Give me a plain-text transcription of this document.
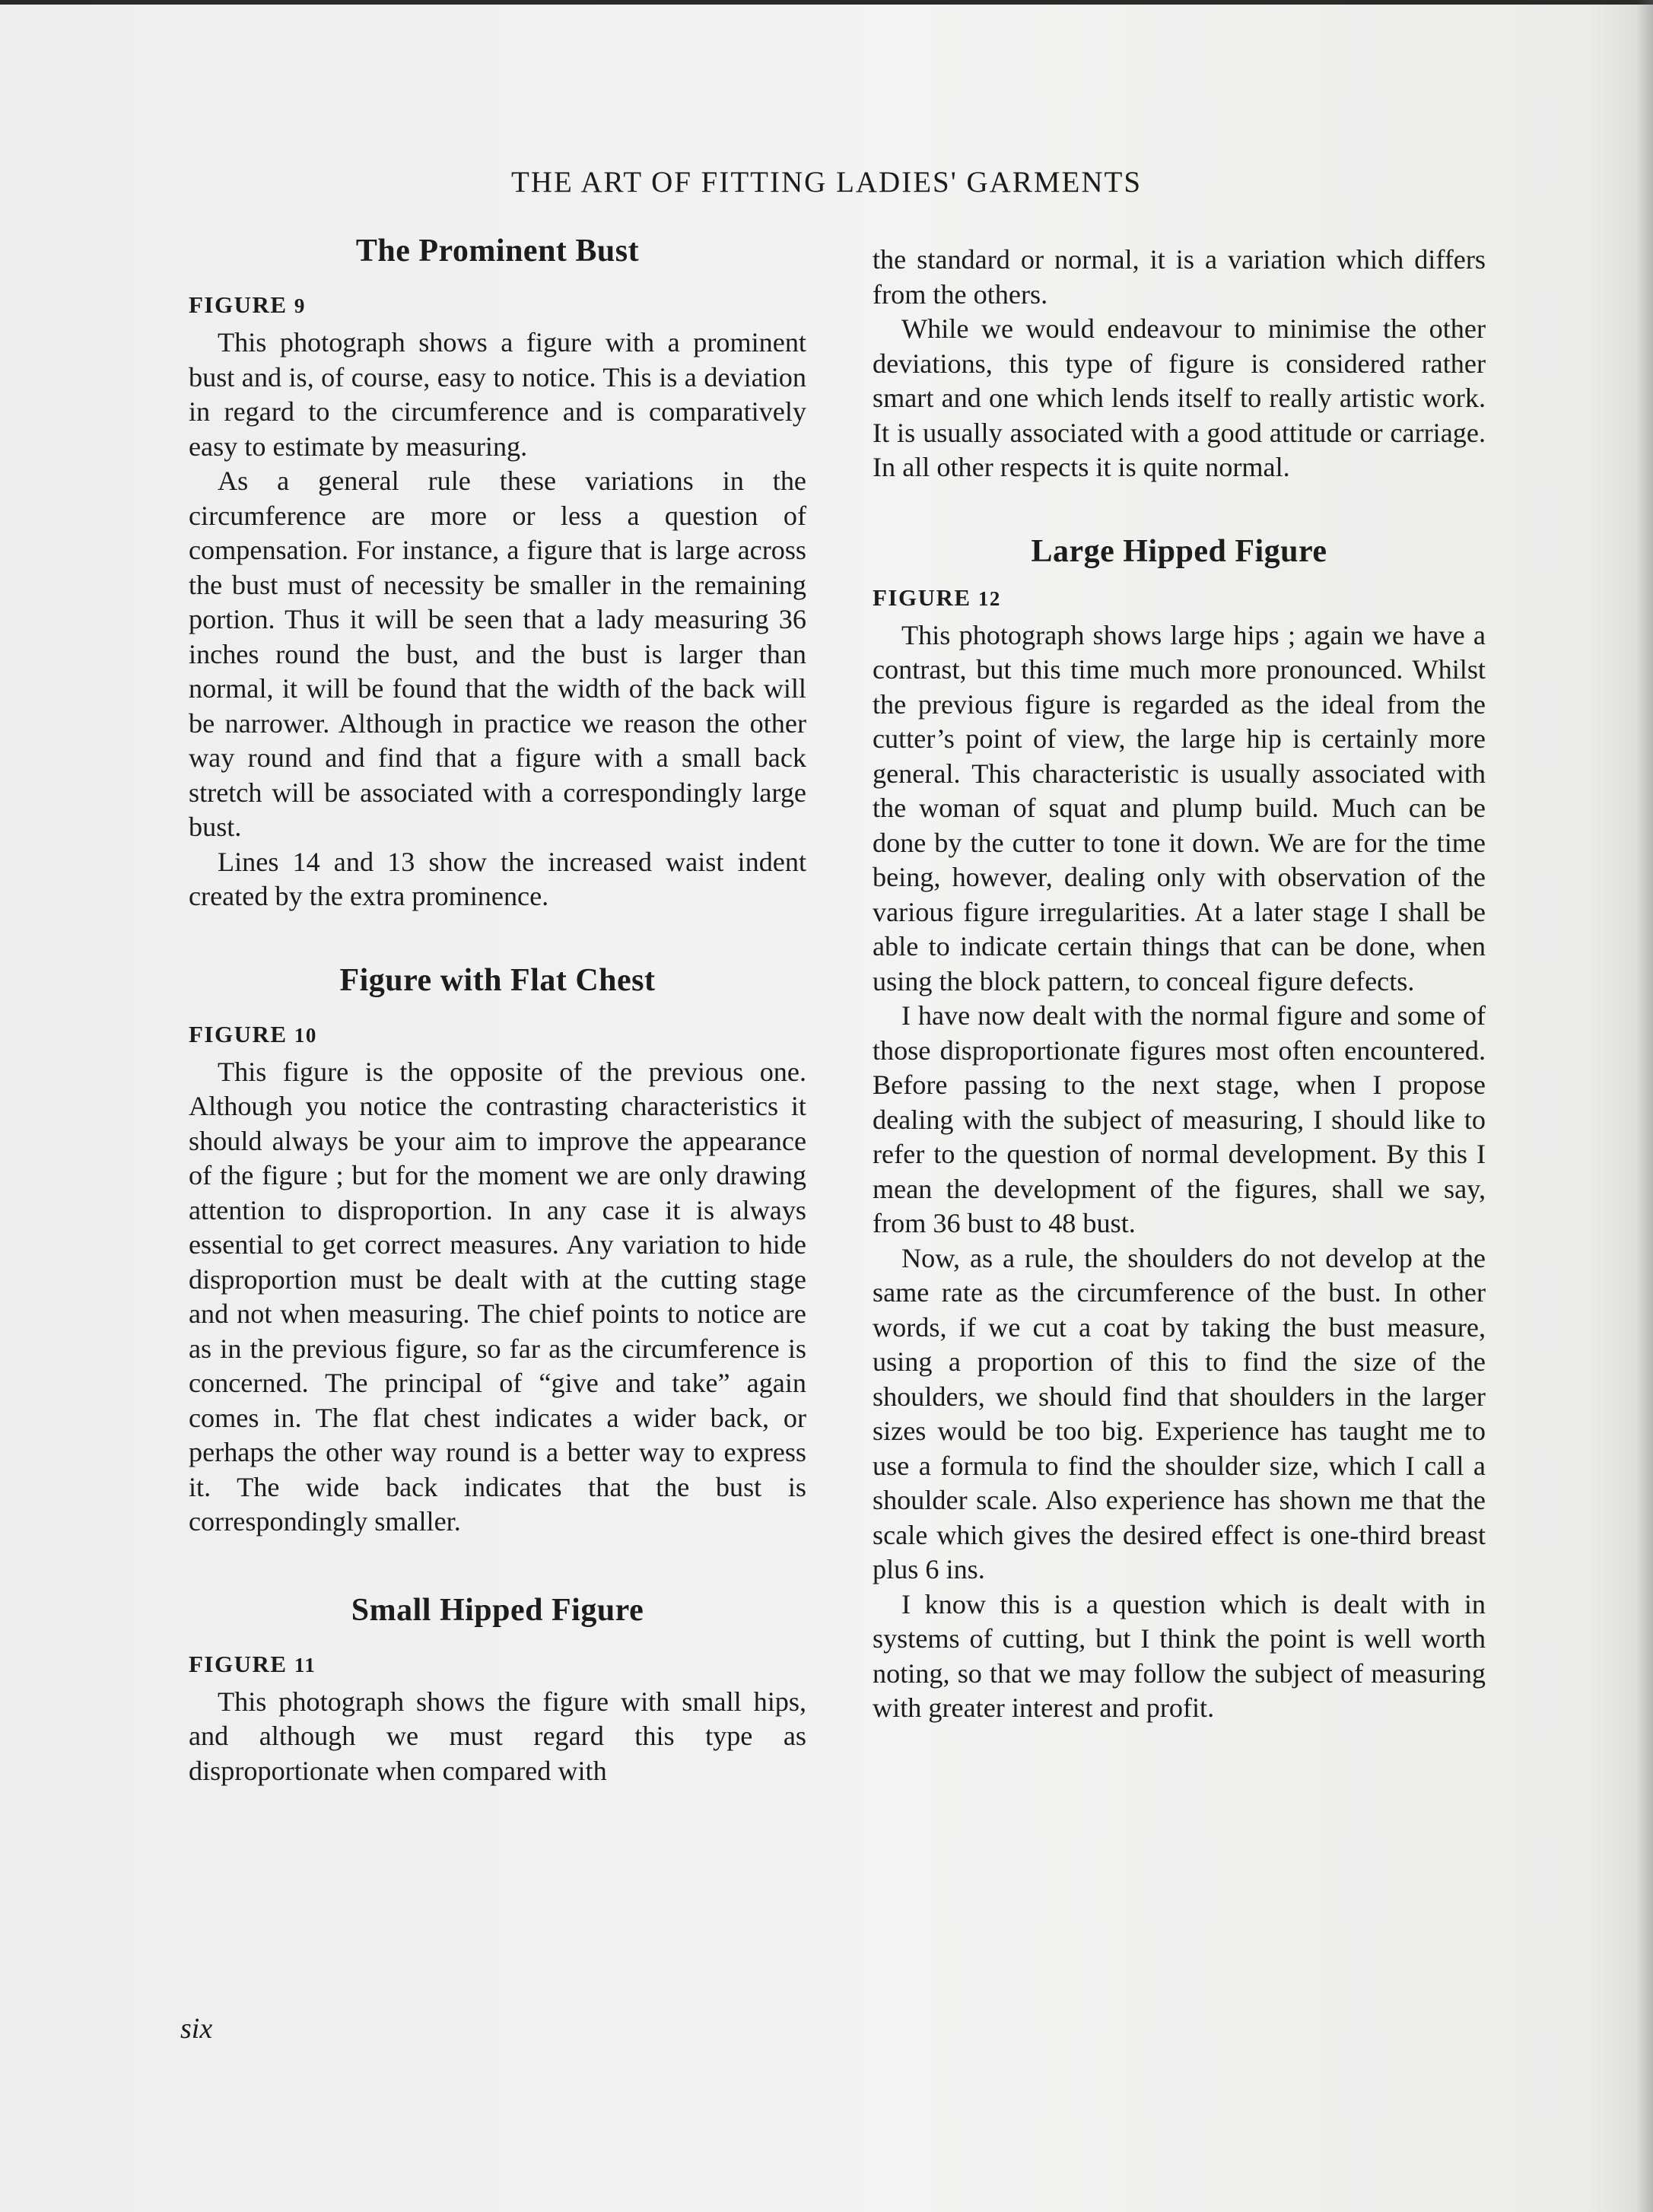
THE ART OF FITTING LADIES' GARMENTS
The Prominent Bust
FIGURE 9

This photograph shows a figure with a prominent bust and is, of course, easy to notice. This is a deviation in regard to the circumference and is comparatively easy to estimate by measuring.

As a general rule these variations in the circumference are more or less a question of compensation. For instance, a figure that is large across the bust must of necessity be smaller in the remaining portion. Thus it will be seen that a lady measuring 36 inches round the bust, and the bust is larger than normal, it will be found that the width of the back will be narrower. Although in practice we reason the other way round and find that a figure with a small back stretch will be associated with a correspondingly large bust.

Lines 14 and 13 show the increased waist indent created by the extra prominence.

Figure with Flat Chest
FIGURE 10

This figure is the opposite of the previous one. Although you notice the contrasting characteristics it should always be your aim to improve the appearance of the figure ; but for the moment we are only drawing attention to disproportion. In any case it is always essential to get correct measures. Any variation to hide disproportion must be dealt with at the cutting stage and not when measuring. The chief points to notice are as in the previous figure, so far as the circumference is concerned. The principal of “give and take” again comes in. The flat chest indicates a wider back, or perhaps the other way round is a better way to express it. The wide back indicates that the bust is correspondingly smaller.

Small Hipped Figure
FIGURE 11

This photograph shows the figure with small hips, and although we must regard this type as disproportionate when compared with

the standard or normal, it is a variation which differs from the others.

While we would endeavour to minimise the other deviations, this type of figure is considered rather smart and one which lends itself to really artistic work. It is usually associated with a good attitude or carriage. In all other respects it is quite normal.

Large Hipped Figure
FIGURE 12

This photograph shows large hips ; again we have a contrast, but this time much more pronounced. Whilst the previous figure is regarded as the ideal from the cutter’s point of view, the large hip is certainly more general. This characteristic is usually associated with the woman of squat and plump build. Much can be done by the cutter to tone it down. We are for the time being, however, dealing only with observation of the various figure irregularities. At a later stage I shall be able to indicate certain things that can be done, when using the block pattern, to conceal figure defects.

I have now dealt with the normal figure and some of those disproportionate figures most often encountered. Before passing to the next stage, when I propose dealing with the subject of measuring, I should like to refer to the question of normal development. By this I mean the development of the figures, shall we say, from 36 bust to 48 bust.

Now, as a rule, the shoulders do not develop at the same rate as the circumference of the bust. In other words, if we cut a coat by taking the bust measure, using a proportion of this to find the size of the shoulders, we should find that shoulders in the larger sizes would be too big. Experience has taught me to use a formula to find the shoulder size, which I call a shoulder scale. Also experience has shown me that the scale which gives the desired effect is one-third breast plus 6 ins.

I know this is a question which is dealt with in systems of cutting, but I think the point is well worth noting, so that we may follow the subject of measuring with greater interest and profit.

six
